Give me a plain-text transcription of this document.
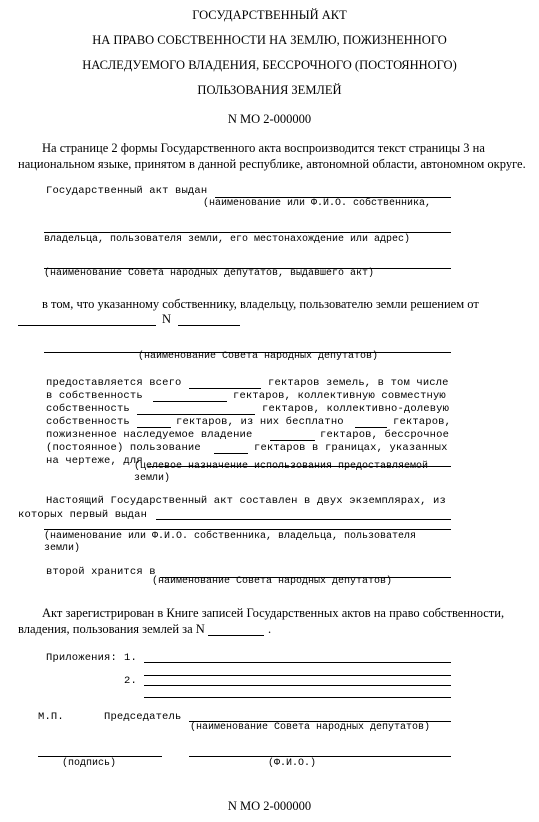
ГОСУДАРСТВЕННЫЙ АКТ
НА ПРАВО СОБСТВЕННОСТИ НА ЗЕМЛЮ, ПОЖИЗНЕННОГО
НАСЛЕДУЕМОГО ВЛАДЕНИЯ, БЕССРОЧНОГО (ПОСТОЯННОГО)
ПОЛЬЗОВАНИЯ ЗЕМЛЕЙ
N МО 2-000000
На странице 2 формы Государственного акта воспроизводится текст страницы 3 на
национальном языке, принятом в данной республике, автономной области, автономном округе.
Государственный акт выдан
(наименование или Ф.И.О. собственника,
владельца, пользователя земли, его местонахождение или адрес)
(наименование Совета народных депутатов, выдавшего акт)
в том, что указанному собственнику, владельцу, пользователю земли решением от
N
(наименование Совета народных депутатов)
предоставляется всего	гектаров земель, в том числе
в собственность	гектаров, коллективную совместную
собственность	гектаров, коллективно-долевую
собственность	гектаров, из них бесплатно	гектаров,
пожизненное наследуемое владение	гектаров, бессрочное
(постоянное) пользование	гектаров в границах, указанных
на чертеже, для
(целевое назначение использования предоставляемой
земли)
Настоящий Государственный акт составлен в двух экземплярах, из
которых первый выдан
(наименование или Ф.И.О. собственника, владельца, пользователя
земли)
второй хранится в
(наименование Совета народных депутатов)
Акт зарегистрирован в Книге записей Государственных актов на право собственности,
владения, пользования землей за N	.
Приложения: 1.
2.
М.П.	Председатель
(наименование Совета народных депутатов)
(подпись)	(Ф.И.О.)
N МО 2-000000
